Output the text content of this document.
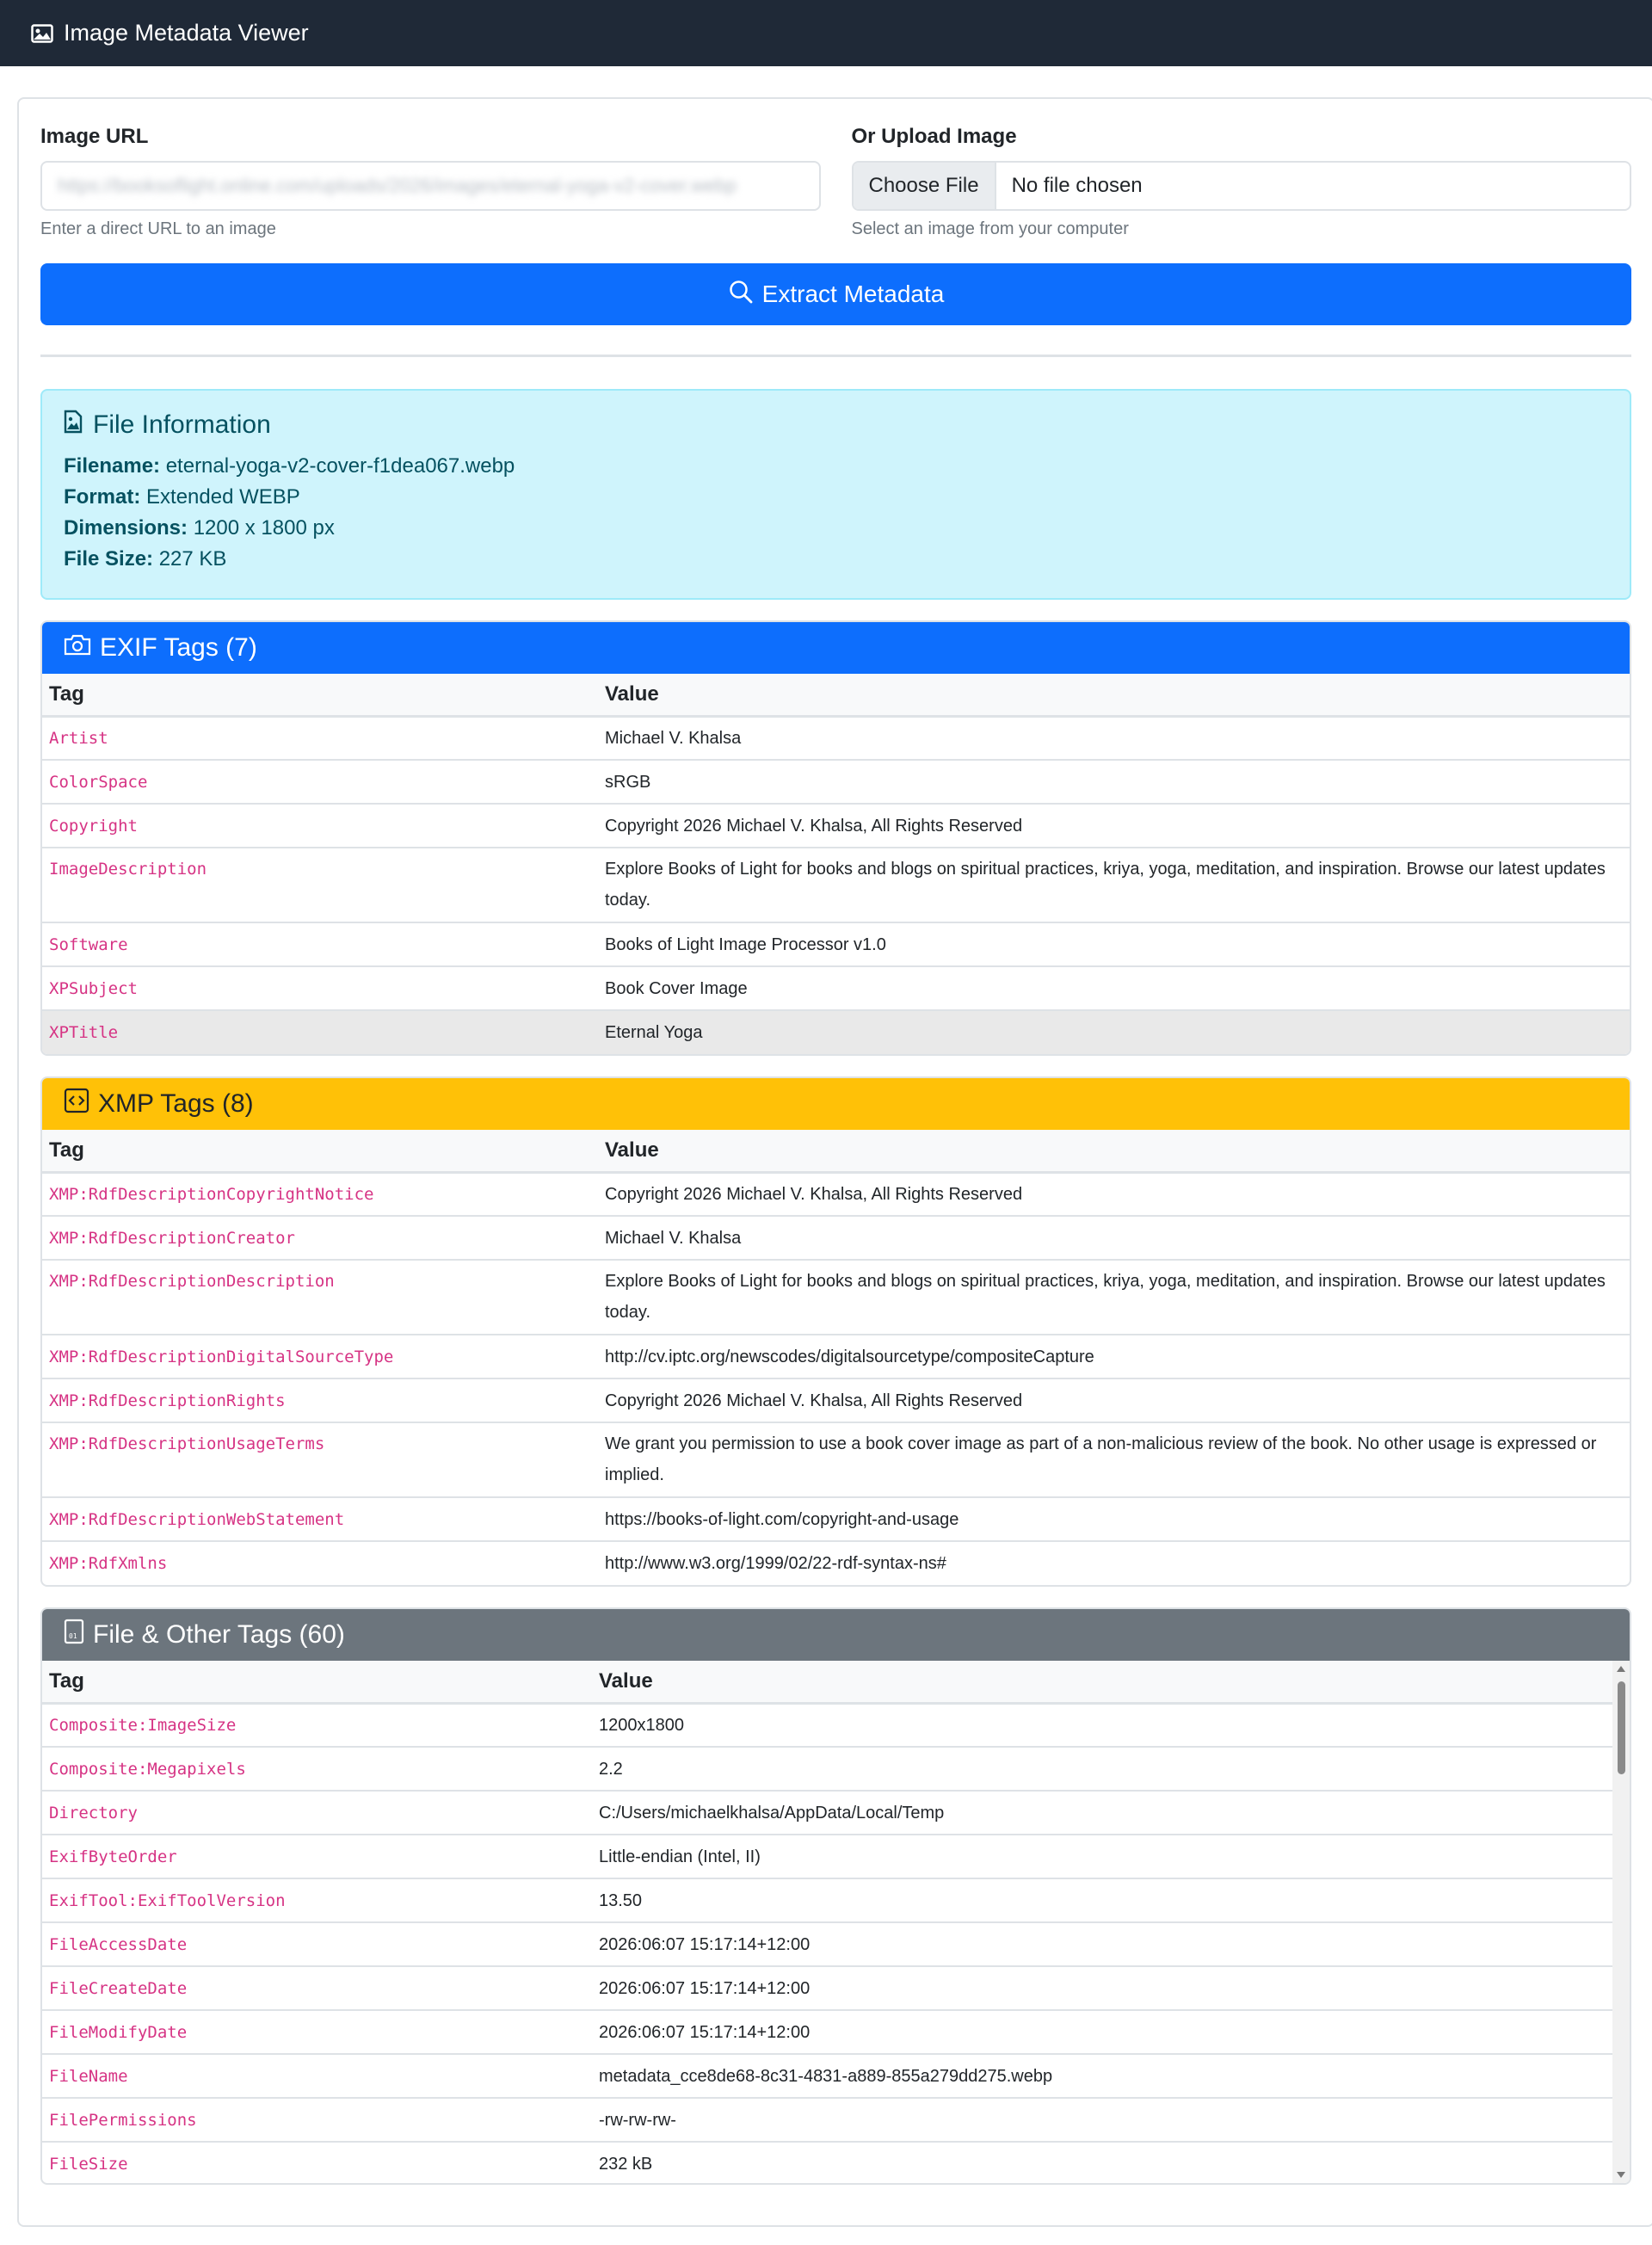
Image Metadata Viewer
Image URL
https://booksoflight.online.com/uploads/2026/images/eternal-yoga-v2-cover.webp
Enter a direct URL to an image
Or Upload Image
Choose File	No file chosen
Select an image from your computer
Extract Metadata
File Information
Filename: eternal-yoga-v2-cover-f1dea067.webp
Format: Extended WEBP
Dimensions: 1200 x 1800 px
File Size: 227 KB
EXIF Tags (7)
Tag	Value
Artist	Michael V. Khalsa
ColorSpace	sRGB
Copyright	Copyright 2026 Michael V. Khalsa, All Rights Reserved
ImageDescription	Explore Books of Light for books and blogs on spiritual practices, kriya, yoga, meditation, and inspiration. Browse our latest updates today.
Software	Books of Light Image Processor v1.0
XPSubject	Book Cover Image
XPTitle	Eternal Yoga
XMP Tags (8)
Tag	Value
XMP:RdfDescriptionCopyrightNotice	Copyright 2026 Michael V. Khalsa, All Rights Reserved
XMP:RdfDescriptionCreator	Michael V. Khalsa
XMP:RdfDescriptionDescription	Explore Books of Light for books and blogs on spiritual practices, kriya, yoga, meditation, and inspiration. Browse our latest updates today.
XMP:RdfDescriptionDigitalSourceType	http://cv.iptc.org/newscodes/digitalsourcetype/compositeCapture
XMP:RdfDescriptionRights	Copyright 2026 Michael V. Khalsa, All Rights Reserved
XMP:RdfDescriptionUsageTerms	We grant you permission to use a book cover image as part of a non-malicious review of the book. No other usage is expressed or implied.
XMP:RdfDescriptionWebStatement	https://books-of-light.com/copyright-and-usage
XMP:RdfXmlns	http://www.w3.org/1999/02/22-rdf-syntax-ns#
01 File & Other Tags (60)
Tag	Value
Composite:ImageSize	1200x1800
Composite:Megapixels	2.2
Directory	C:/Users/michaelkhalsa/AppData/Local/Temp
ExifByteOrder	Little-endian (Intel, II)
ExifTool:ExifToolVersion	13.50
FileAccessDate	2026:06:07 15:17:14+12:00
FileCreateDate	2026:06:07 15:17:14+12:00
FileModifyDate	2026:06:07 15:17:14+12:00
FileName	metadata_cce8de68-8c31-4831-a889-855a279dd275.webp
FilePermissions	-rw-rw-rw-
FileSize	232 kB
